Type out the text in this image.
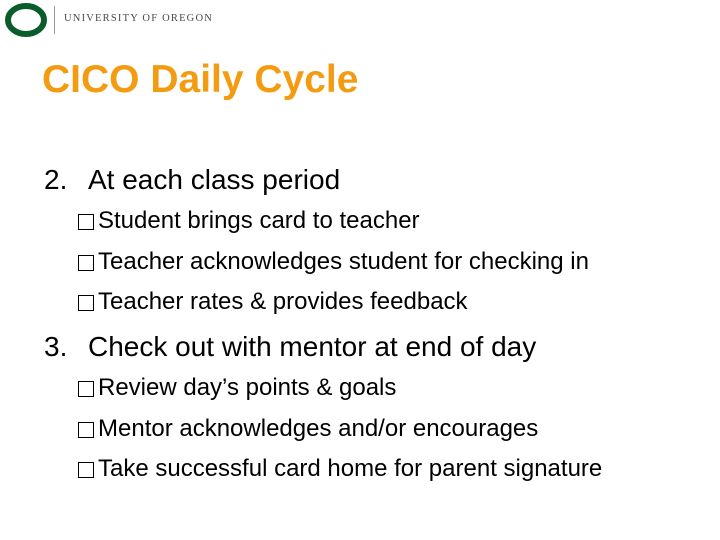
UNIVERSITY OF OREGON
CICO Daily Cycle
2. At each class period
Student brings card to teacher
Teacher acknowledges student for checking in
Teacher rates & provides feedback
3. Check out with mentor at end of day
Review day’s points & goals
Mentor acknowledges and/or encourages
Take successful card home for parent signature
